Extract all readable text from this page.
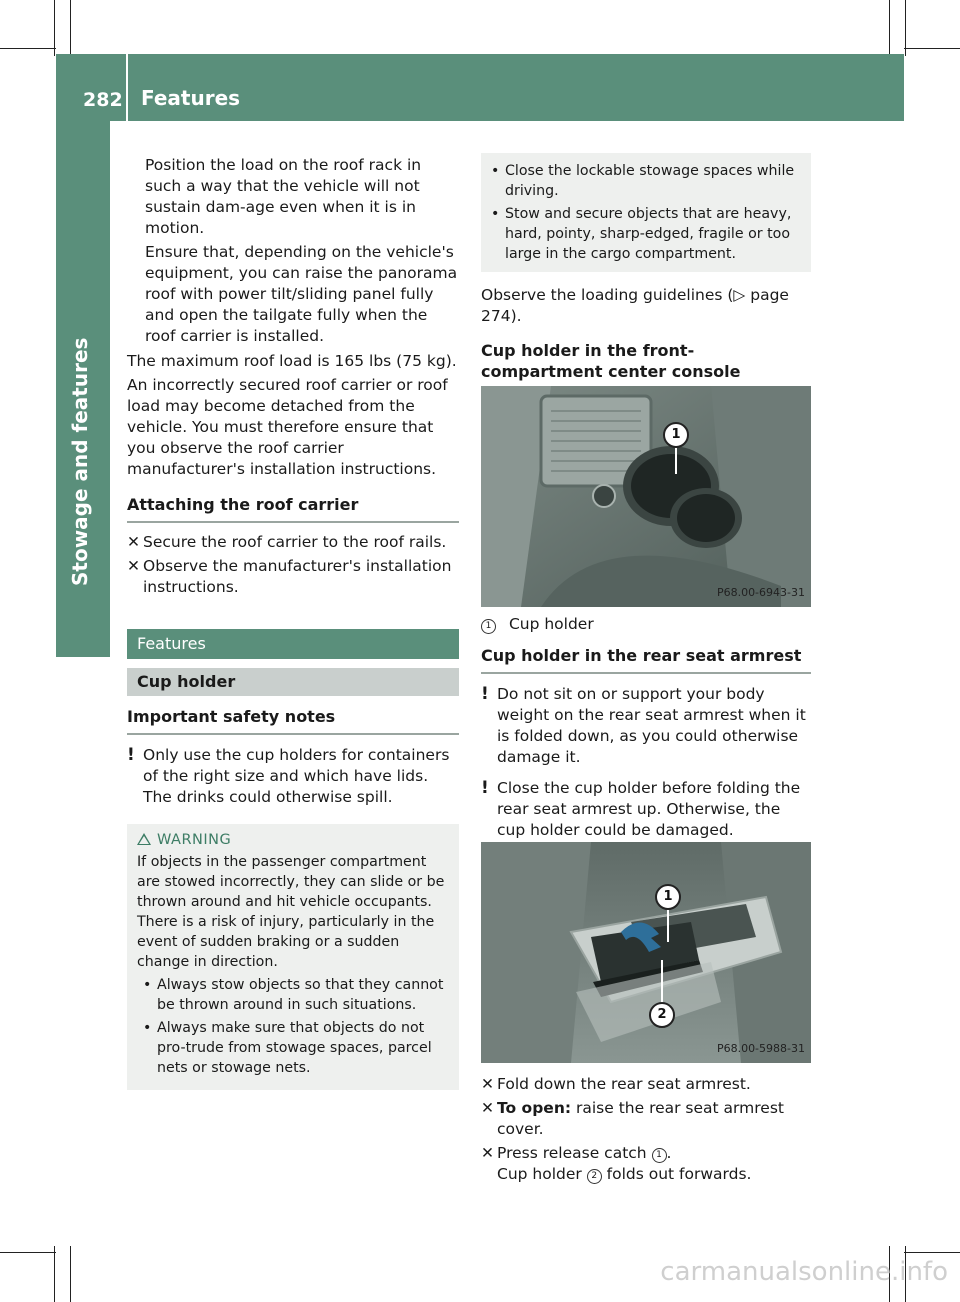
282 Features
Stowage and features

Position the load on the roof rack in such a way that the vehicle will not sustain dam-age even when it is in motion.

Ensure that, depending on the vehicle's equipment, you can raise the panorama roof with power tilt/sliding panel fully and open the tailgate fully when the roof carrier is installed.

The maximum roof load is 165 lbs (75 kg).

An incorrectly secured roof carrier or roof load may become detached from the vehicle. You must therefore ensure that you observe the roof carrier manufacturer's installation instructions.

Attaching the roof carrier

✕ Secure the roof carrier to the roof rails.
✕ Observe the manufacturer's installation instructions.
Features
Cup holder

Important safety notes

! Only use the cup holders for containers of the right size and which have lids. The drinks could otherwise spill.
WARNING

If objects in the passenger compartment are stowed incorrectly, they can slide or be thrown around and hit vehicle occupants. There is a risk of injury, particularly in the event of sudden braking or a sudden change in direction.

• Always stow objects so that they cannot be thrown around in such situations.
• Always make sure that objects do not pro-trude from stowage spaces, parcel nets or stowage nets.
• Close the lockable stowage spaces while driving.
• Stow and secure objects that are heavy, hard, pointy, sharp-edged, fragile or too large in the cargo compartment.

Observe the loading guidelines (▷ page 274).

Cup holder in the front-compartment center console

1
P68.00-6943-31

1 Cup holder

Cup holder in the rear seat armrest

! Do not sit on or support your body weight on the rear seat armrest when it is folded down, as you could otherwise damage it.
! Close the cup holder before folding the rear seat armrest up. Otherwise, the cup holder could be damaged.
1
2
P68.00-5988-31
✕ Fold down the rear seat armrest.
✕ To open: raise the rear seat armrest cover.
✕ Press release catch 1 .
Cup holder 2 folds out forwards.
carmanualsonline.info
